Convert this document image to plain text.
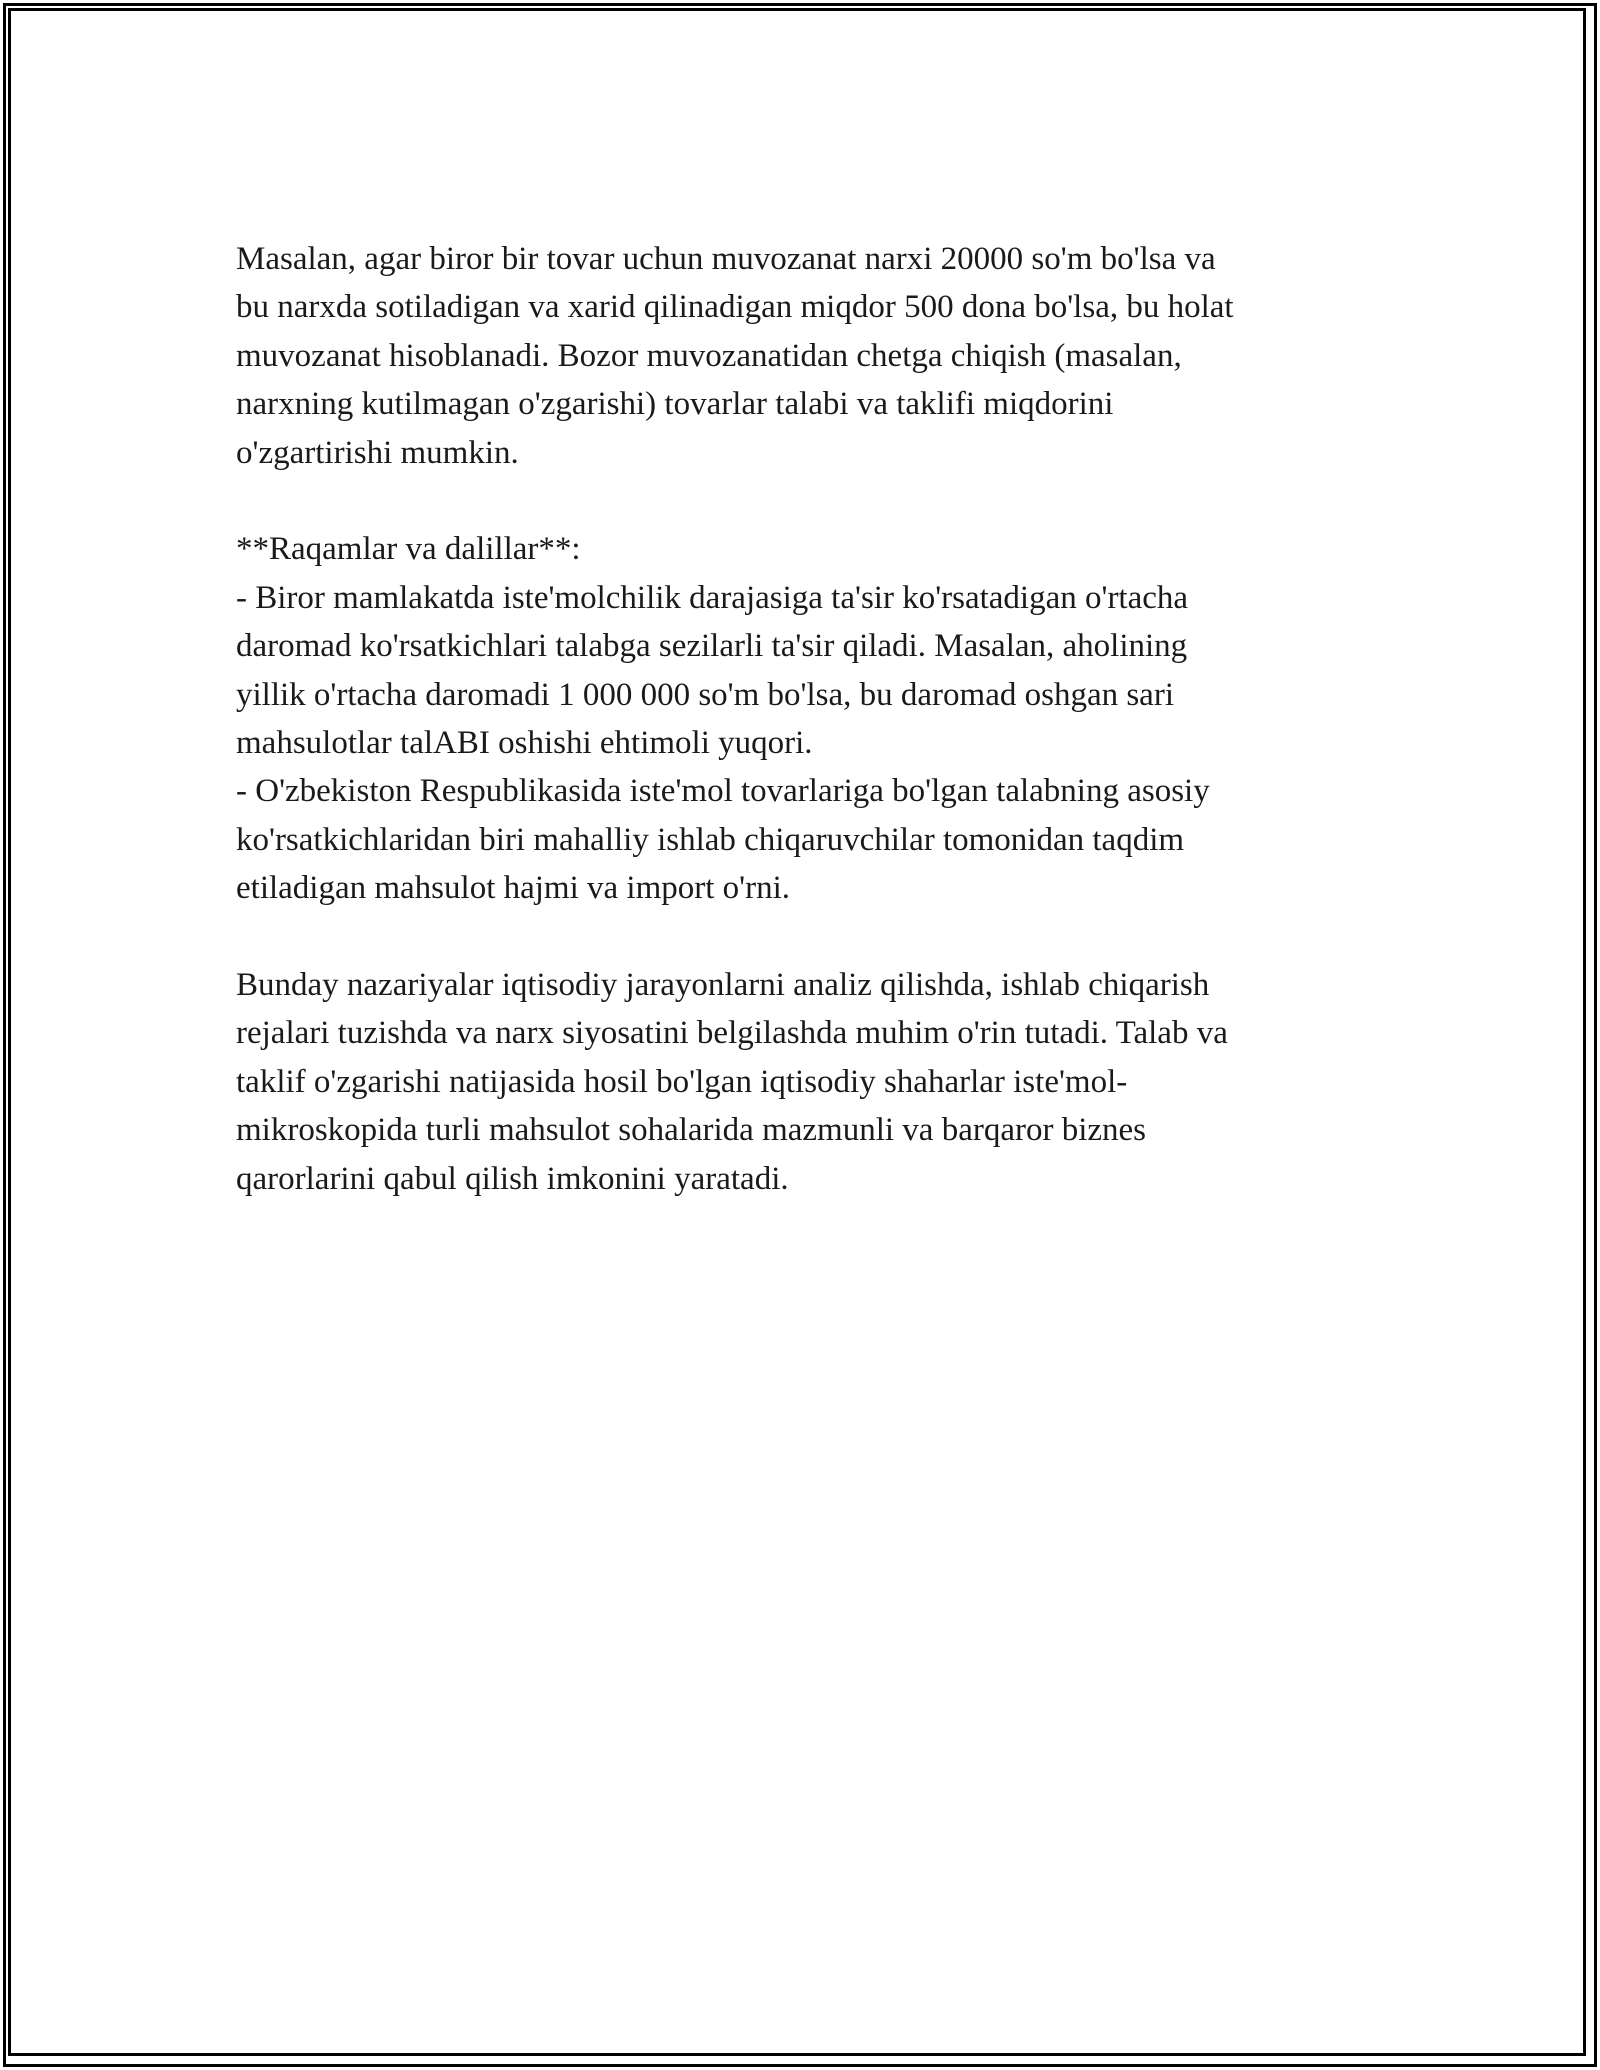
Masalan, agar biror bir tovar uchun muvozanat narxi 20000 so'm bo'lsa va
bu narxda sotiladigan va xarid qilinadigan miqdor 500 dona bo'lsa, bu holat
muvozanat hisoblanadi. Bozor muvozanatidan chetga chiqish (masalan,
narxning kutilmagan o'zgarishi) tovarlar talabi va taklifi miqdorini
o'zgartirishi mumkin.
**Raqamlar va dalillar**:
- Biror mamlakatda iste'molchilik darajasiga ta'sir ko'rsatadigan o'rtacha
daromad ko'rsatkichlari talabga sezilarli ta'sir qiladi. Masalan, aholining
yillik o'rtacha daromadi 1 000 000 so'm bo'lsa, bu daromad oshgan sari
mahsulotlar talABI oshishi ehtimoli yuqori.
- O'zbekiston Respublikasida iste'mol tovarlariga bo'lgan talabning asosiy
ko'rsatkichlaridan biri mahalliy ishlab chiqaruvchilar tomonidan taqdim
etiladigan mahsulot hajmi va import o'rni.
Bunday nazariyalar iqtisodiy jarayonlarni analiz qilishda, ishlab chiqarish
rejalari tuzishda va narx siyosatini belgilashda muhim o'rin tutadi. Talab va
taklif o'zgarishi natijasida hosil bo'lgan iqtisodiy shaharlar iste'mol-
mikroskopida turli mahsulot sohalarida mazmunli va barqaror biznes
qarorlarini qabul qilish imkonini yaratadi.
